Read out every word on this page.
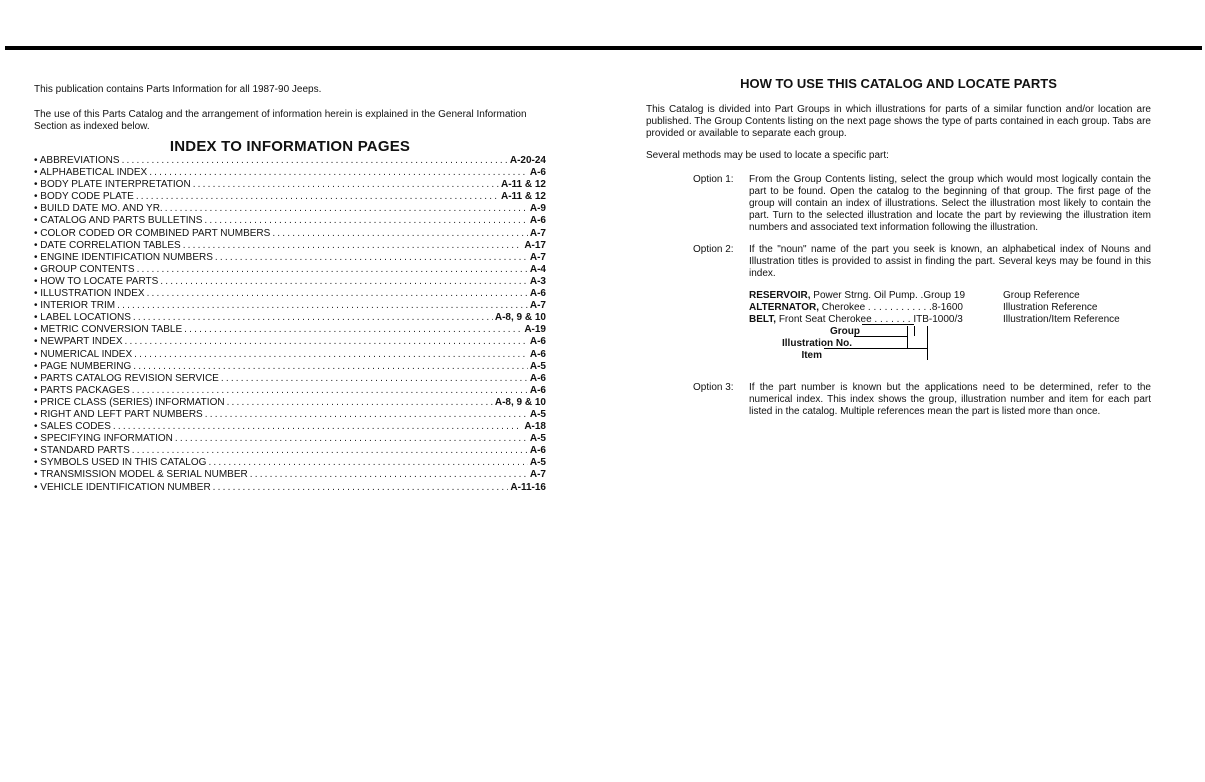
This publication contains Parts Information for all 1987-90 Jeeps.

The use of this Parts Catalog and the arrangement of information herein is explained in the General Information Section as indexed below.

INDEX TO INFORMATION PAGES

• ABBREVIATIONS .....	A-20-24
• ALPHABETICAL INDEX .....	A-6
• BODY PLATE INTERPRETATION .....	A-11 & 12
• BODY CODE PLATE .....	A-11 & 12
• BUILD DATE MO. AND YR. .....	A-9
• CATALOG AND PARTS BULLETINS .....	A-6
• COLOR CODED OR COMBINED PART NUMBERS .....	A-7
• DATE CORRELATION TABLES .....	A-17
• ENGINE IDENTIFICATION NUMBERS .....	A-7
• GROUP CONTENTS .....	A-4
• HOW TO LOCATE PARTS .....	A-3
• ILLUSTRATION INDEX .....	A-6
• INTERIOR TRIM .....	A-7
• LABEL LOCATIONS .....	A-8, 9 & 10
• METRIC CONVERSION TABLE .....	A-19
• NEWPART INDEX .....	A-6
• NUMERICAL INDEX .....	A-6
• PAGE NUMBERING .....	A-5
• PARTS CATALOG REVISION SERVICE .....	A-6
• PARTS PACKAGES .....	A-6
• PRICE CLASS (SERIES) INFORMATION .....	A-8, 9 & 10
• RIGHT AND LEFT PART NUMBERS .....	A-5
• SALES CODES .....	A-18
• SPECIFYING INFORMATION .....	A-5
• STANDARD PARTS .....	A-6
• SYMBOLS USED IN THIS CATALOG .....	A-5
• TRANSMISSION MODEL & SERIAL NUMBER .....	A-7
• VEHICLE IDENTIFICATION NUMBER .....	A-11-16

HOW TO USE THIS CATALOG AND LOCATE PARTS

This Catalog is divided into Part Groups in which illustrations for parts of a similar function and/or location are published. The Group Contents listing on the next page shows the type of parts contained in each group. Tabs are provided or available to separate each group.

Several methods may be used to locate a specific part:

Option 1:	From the Group Contents listing, select the group which would most logically contain the part to be found. Open the catalog to the beginning of that group. The first page of the group will contain an index of illustrations. Select the illustration most likely to contain the part. Turn to the selected illustration and locate the part by reviewing the illustration item numbers and associated text information following the illustration.
Option 2:	If the "noun" name of the part you seek is known, an alphabetical index of Nouns and Illustration titles is provided to assist in finding the part. Several keys may be found in this index.
RESERVOIR, Power Strng. Oil Pump. .Group 19	Group Reference
ALTERNATOR, Cherokee . . . . . . . . . . . .8-1600	Illustration Reference
BELT, Front Seat Cherokee . . . . . . . ITB-1000/3	Illustration/Item Reference
Group
Illustration No.
Item
Option 3:	If the part number is known but the applications need to be determined, refer to the numerical index. This index shows the group, illustration number and item for each part listed in the catalog. Multiple references mean the part is listed more than once.
